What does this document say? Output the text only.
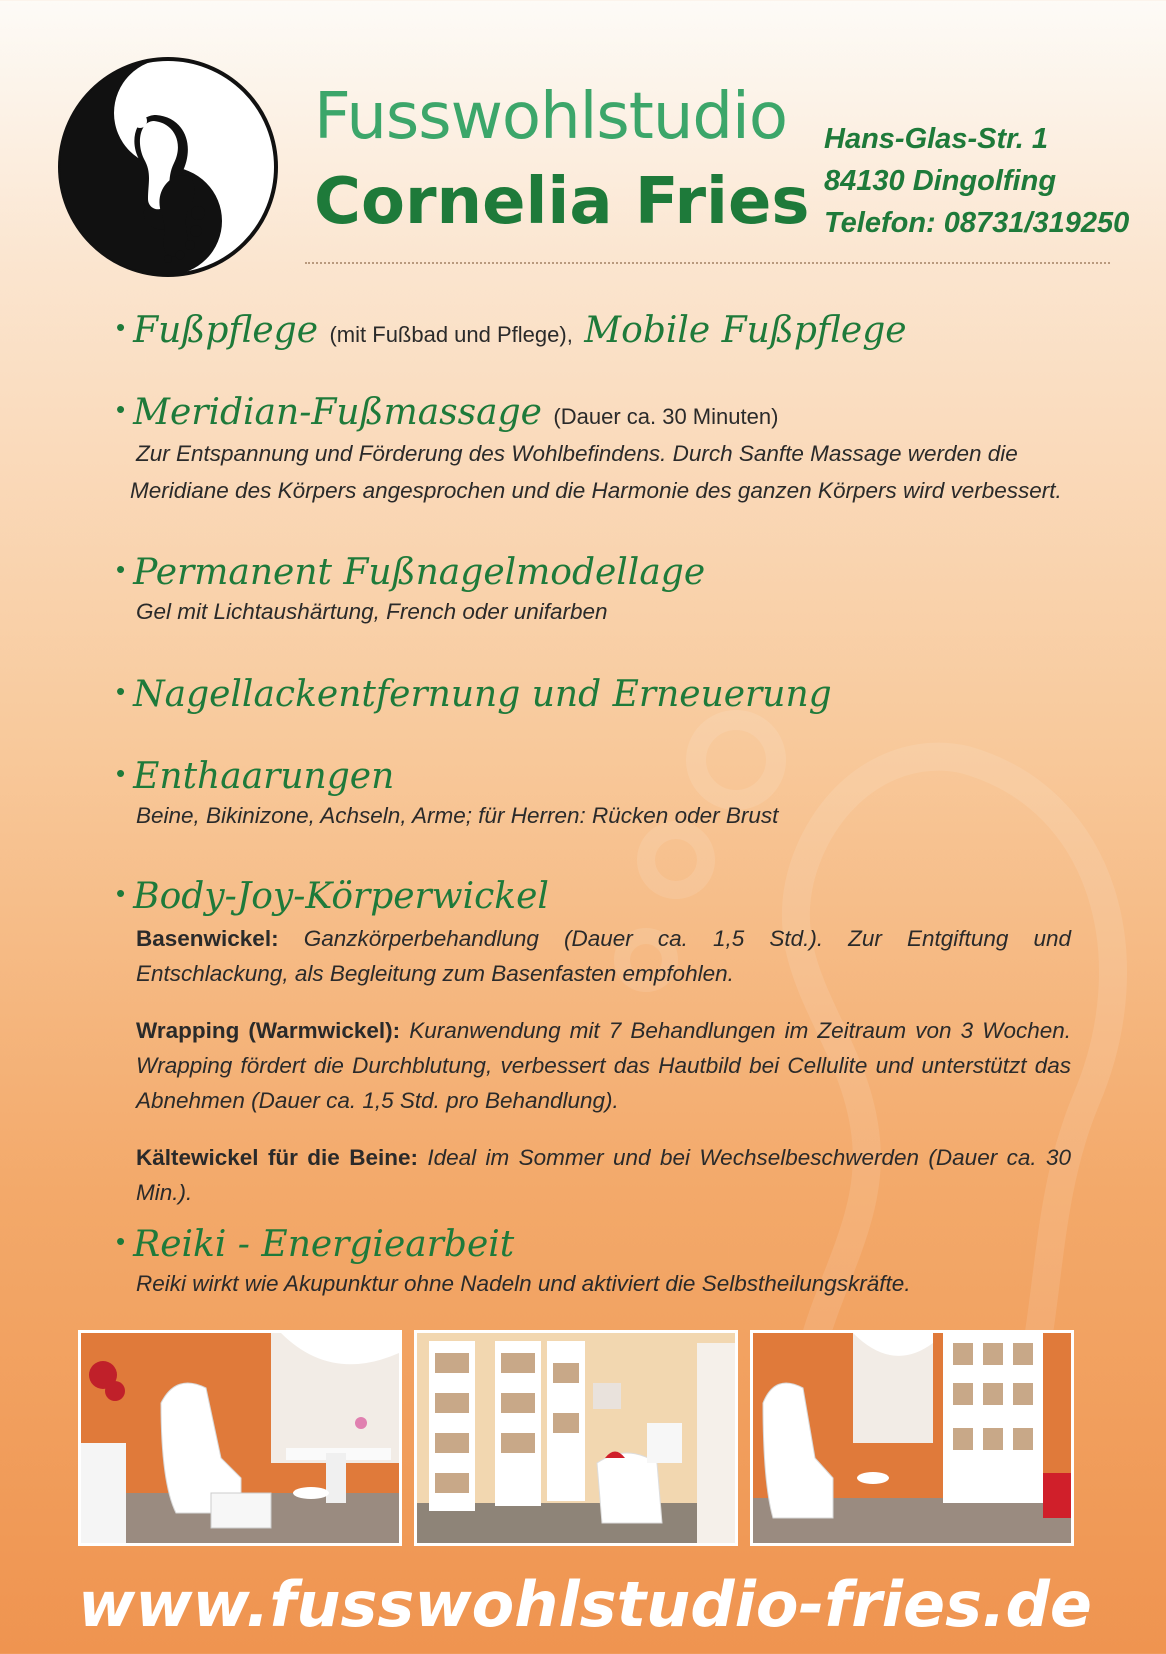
Fusswohlstudio
Cornelia Fries
Hans-Glas-Str. 1
84130 Dingolfing
Telefon: 08731/319250
• Fußpflege (mit Fußbad und Pflege), Mobile Fußpflege
• Meridian-Fußmassage (Dauer ca. 30 Minuten)
Zur Entspannung und Förderung des Wohlbefindens. Durch Sanfte Massage werden die
Meridiane des Körpers angesprochen und die Harmonie des ganzen Körpers wird verbessert.
• Permanent Fußnagelmodellage
Gel mit Lichtaushärtung, French oder unifarben
• Nagellackentfernung und Erneuerung
• Enthaarungen
Beine, Bikinizone, Achseln, Arme; für Herren: Rücken oder Brust
• Body-Joy-Körperwickel
Basenwickel: Ganzkörperbehandlung (Dauer ca. 1,5 Std.). Zur Entgiftung und Entschlackung, als Begleitung zum Basenfasten empfohlen.
Wrapping (Warmwickel): Kuranwendung mit 7 Behandlungen im Zeitraum von 3 Wochen. Wrapping fördert die Durchblutung, verbessert das Hautbild bei Cellulite und unterstützt das Abnehmen (Dauer ca. 1,5 Std. pro Behandlung).
Kältewickel für die Beine: Ideal im Sommer und bei Wechselbeschwerden (Dauer ca. 30 Min.).
• Reiki - Energiearbeit
Reiki wirkt wie Akupunktur ohne Nadeln und aktiviert die Selbstheilungskräfte.
www.fusswohlstudio-fries.de
